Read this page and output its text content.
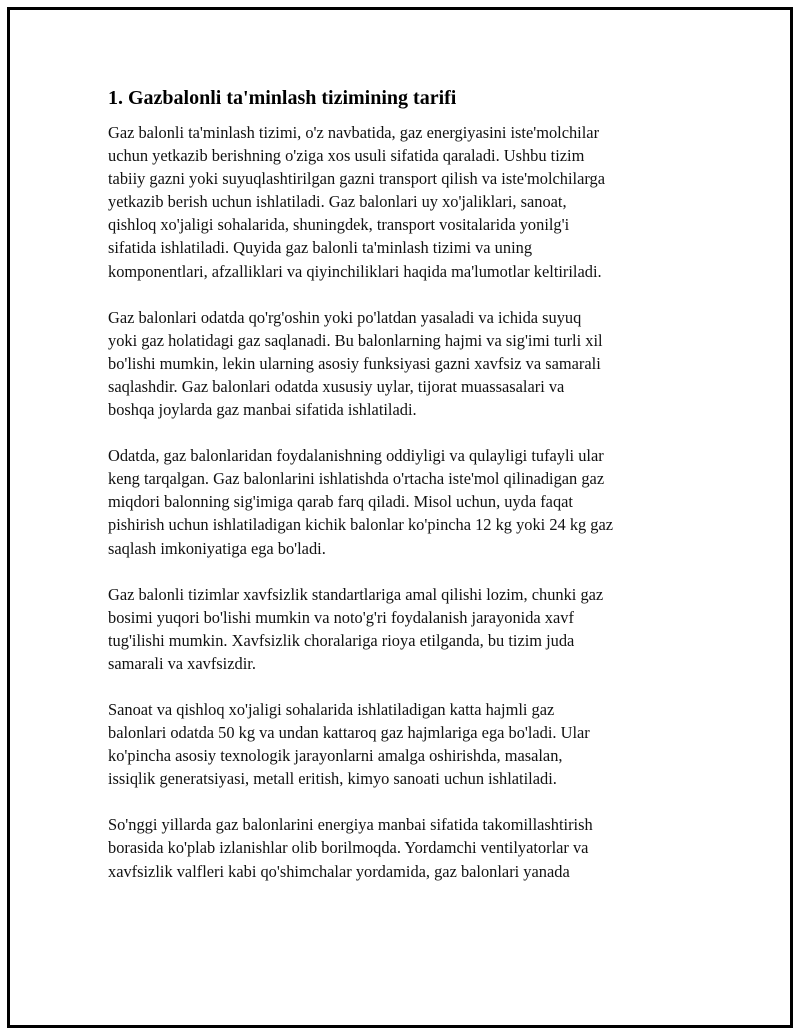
1. Gazbalonli ta'minlash tizimining tarifi

Gaz balonli ta'minlash tizimi, o'z navbatida, gaz energiyasini iste'molchilar
uchun yetkazib berishning o'ziga xos usuli sifatida qaraladi. Ushbu tizim
tabiiy gazni yoki suyuqlashtirilgan gazni transport qilish va iste'molchilarga
yetkazib berish uchun ishlatiladi. Gaz balonlari uy xo'jaliklari, sanoat,
qishloq xo'jaligi sohalarida, shuningdek, transport vositalarida yonilg'i
sifatida ishlatiladi. Quyida gaz balonli ta'minlash tizimi va uning
komponentlari, afzalliklari va qiyinchiliklari haqida ma'lumotlar keltiriladi.

Gaz balonlari odatda qo'rg'oshin yoki po'latdan yasaladi va ichida suyuq
yoki gaz holatidagi gaz saqlanadi. Bu balonlarning hajmi va sig'imi turli xil
bo'lishi mumkin, lekin ularning asosiy funksiyasi gazni xavfsiz va samarali
saqlashdir. Gaz balonlari odatda xususiy uylar, tijorat muassasalari va
boshqa joylarda gaz manbai sifatida ishlatiladi.

Odatda, gaz balonlaridan foydalanishning oddiyligi va qulayligi tufayli ular
keng tarqalgan. Gaz balonlarini ishlatishda o'rtacha iste'mol qilinadigan gaz
miqdori balonning sig'imiga qarab farq qiladi. Misol uchun, uyda faqat
pishirish uchun ishlatiladigan kichik balonlar ko'pincha 12 kg yoki 24 kg gaz
saqlash imkoniyatiga ega bo'ladi.

Gaz balonli tizimlar xavfsizlik standartlariga amal qilishi lozim, chunki gaz
bosimi yuqori bo'lishi mumkin va noto'g'ri foydalanish jarayonida xavf
tug'ilishi mumkin. Xavfsizlik choralariga rioya etilganda, bu tizim juda
samarali va xavfsizdir.

Sanoat va qishloq xo'jaligi sohalarida ishlatiladigan katta hajmli gaz
balonlari odatda 50 kg va undan kattaroq gaz hajmlariga ega bo'ladi. Ular
ko'pincha asosiy texnologik jarayonlarni amalga oshirishda, masalan,
issiqlik generatsiyasi, metall eritish, kimyo sanoati uchun ishlatiladi.

So'nggi yillarda gaz balonlarini energiya manbai sifatida takomillashtirish
borasida ko'plab izlanishlar olib borilmoqda. Yordamchi ventilyatorlar va
xavfsizlik valfleri kabi qo'shimchalar yordamida, gaz balonlari yanada
